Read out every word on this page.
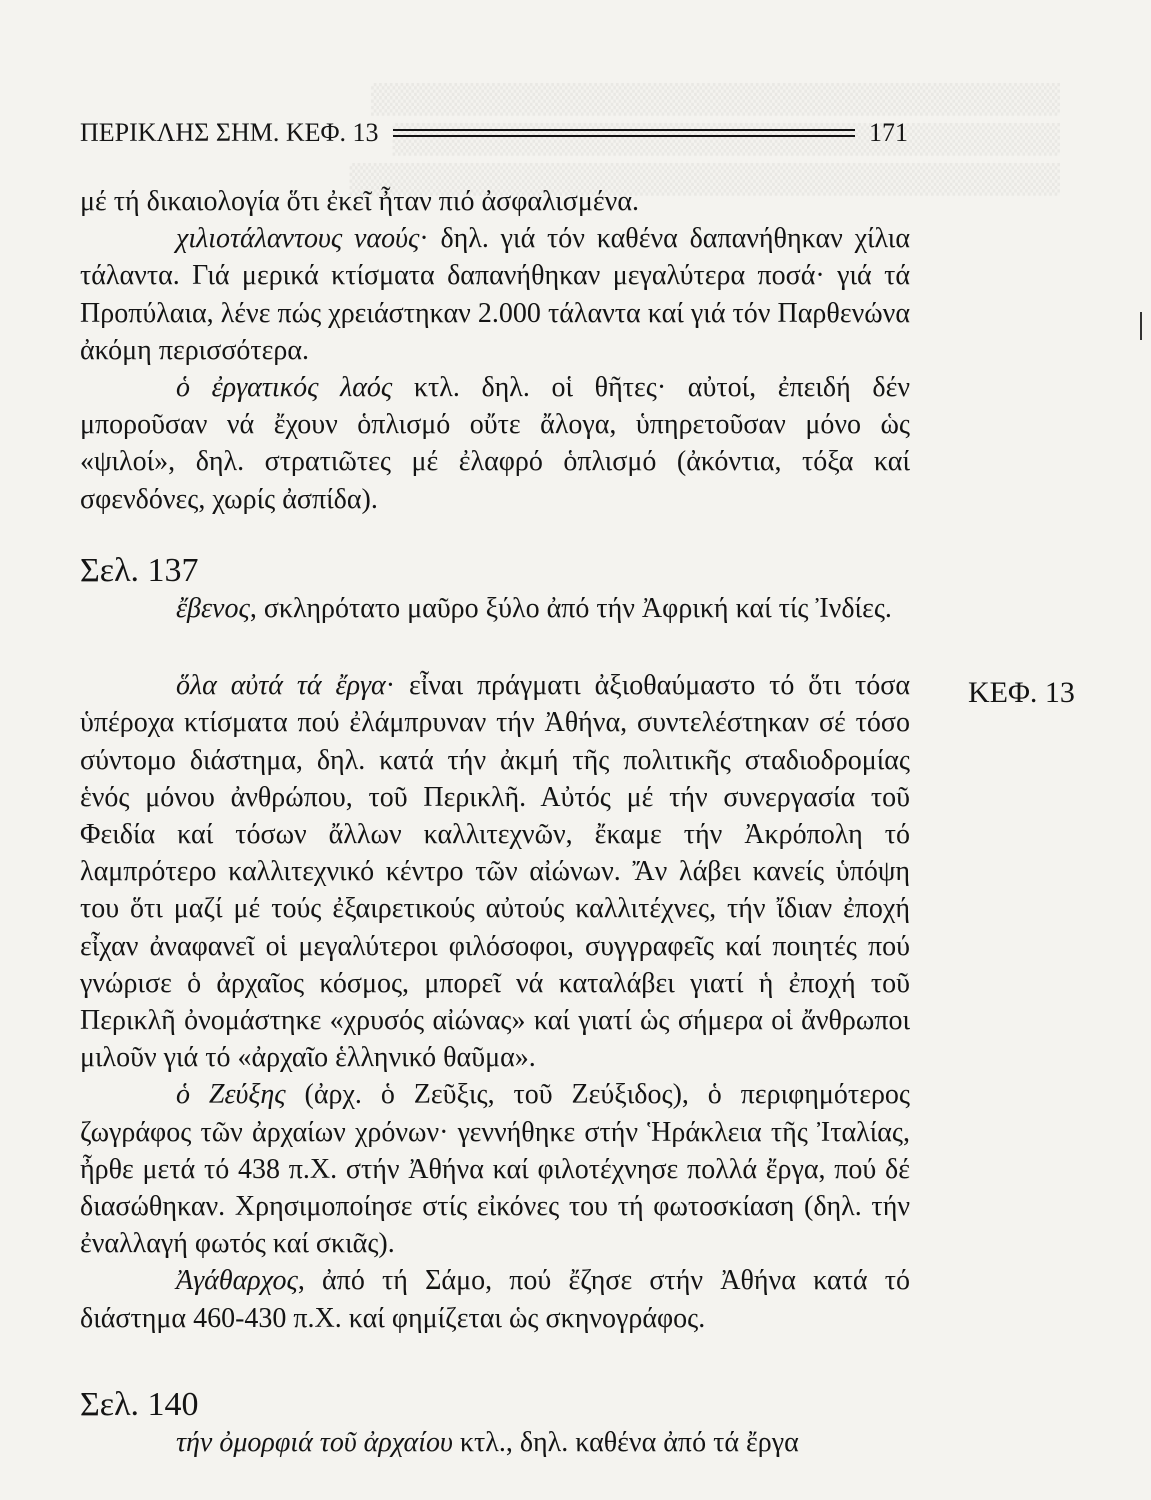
ΠΕΡΙΚΛΗΣ ΣΗΜ. ΚΕΦ. 13	171

μέ τή δικαιολογία ὅτι ἐκεῖ ἦταν πιό ἀσφαλισμένα.

χιλιοτάλαντους ναούς· δηλ. γιά τόν καθένα δαπανήθηκαν χίλια τάλαντα. Γιά μερικά κτίσματα δαπανήθηκαν μεγαλύτερα ποσά· γιά τά Προπύλαια, λένε πώς χρειάστηκαν 2.000 τάλαντα καί γιά τόν Παρθενώνα ἀκόμη περισσότερα.

ὁ ἐργατικός λαός κτλ. δηλ. οἱ θῆτες· αὐτοί, ἐπειδή δέν μποροῦσαν νά ἔχουν ὁπλισμό οὔτε ἄλογα, ὑπηρετοῦσαν μόνο ὡς «ψιλοί», δηλ. στρατιῶτες μέ ἐλαφρό ὁπλισμό (ἀκόντια, τόξα καί σφενδόνες, χωρίς ἀσπίδα).

Σελ. 137

ἔβενος, σκληρότατο μαῦρο ξύλο ἀπό τήν Ἀφρική καί τίς Ἰνδίες.

ὅλα αὐτά τά ἔργα· εἶναι πράγματι ἀξιοθαύμαστο τό ὅτι τόσα ὑπέροχα κτίσματα πού ἐλάμπρυναν τήν Ἀθήνα, συντελέστηκαν σέ τόσο σύντομο διάστημα, δηλ. κατά τήν ἀκμή τῆς πολιτικῆς σταδιοδρομίας ἑνός μόνου ἀνθρώπου, τοῦ Περικλῆ. Αὐτός μέ τήν συνεργασία τοῦ Φειδία καί τόσων ἄλλων καλλιτεχνῶν, ἔκαμε τήν Ἀκρόπολη τό λαμπρότερο καλλιτεχνικό κέντρο τῶν αἰώνων. Ἄν λάβει κανείς ὑπόψη του ὅτι μαζί μέ τούς ἐξαιρετικούς αὐτούς καλλιτέχνες, τήν ἴδιαν ἐποχή εἶχαν ἀναφανεῖ οἱ μεγαλύτεροι φιλόσοφοι, συγγραφεῖς καί ποιητές πού γνώρισε ὁ ἀρχαῖος κόσμος, μπορεῖ νά καταλάβει γιατί ἡ ἐποχή τοῦ Περικλῆ ὀνομάστηκε «χρυσός αἰώνας» καί γιατί ὡς σήμερα οἱ ἄνθρωποι μιλοῦν γιά τό «ἀρχαῖο ἑλληνικό θαῦμα».

ὁ Ζεύξης (ἀρχ. ὁ Ζεῦξις, τοῦ Ζεύξιδος), ὁ περιφημότερος ζωγράφος τῶν ἀρχαίων χρόνων· γεννήθηκε στήν Ἡράκλεια τῆς Ἰταλίας, ἦρθε μετά τό 438 π.Χ. στήν Ἀθήνα καί φιλοτέχνησε πολλά ἔργα, πού δέ διασώθηκαν. Χρησιμοποίησε στίς εἰκόνες του τή φωτοσκίαση (δηλ. τήν ἐναλλαγή φωτός καί σκιᾶς).

Ἀγάθαρχος, ἀπό τή Σάμο, πού ἔζησε στήν Ἀθήνα κατά τό διάστημα 460-430 π.Χ. καί φημίζεται ὡς σκηνογράφος.

Σελ. 140

τήν ὀμορφιά τοῦ ἀρχαίου κτλ., δηλ. καθένα ἀπό τά ἔργα

ΚΕΦ. 13
